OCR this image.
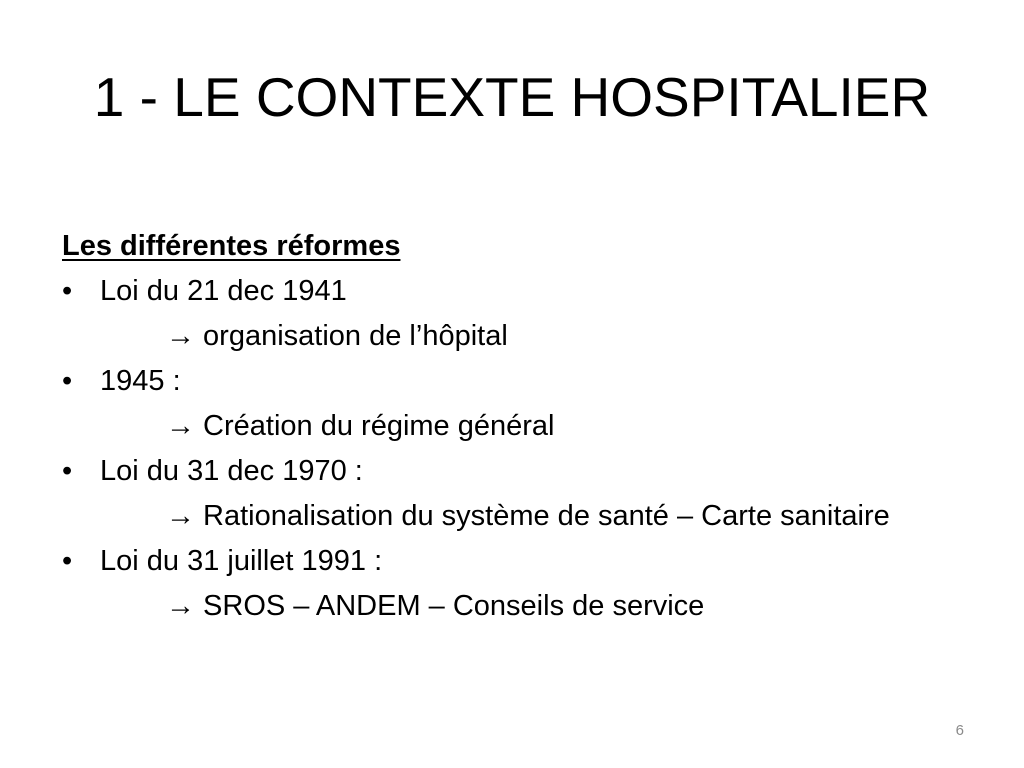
1 - LE CONTEXTE HOSPITALIER
Les différentes réformes
• Loi du 21 dec 1941
→ organisation de l’hôpital
• 1945 :
→ Création du régime général
• Loi du 31 dec 1970 :
→ Rationalisation du système de santé – Carte sanitaire
• Loi du 31 juillet 1991 :
→ SROS – ANDEM – Conseils de service
6
